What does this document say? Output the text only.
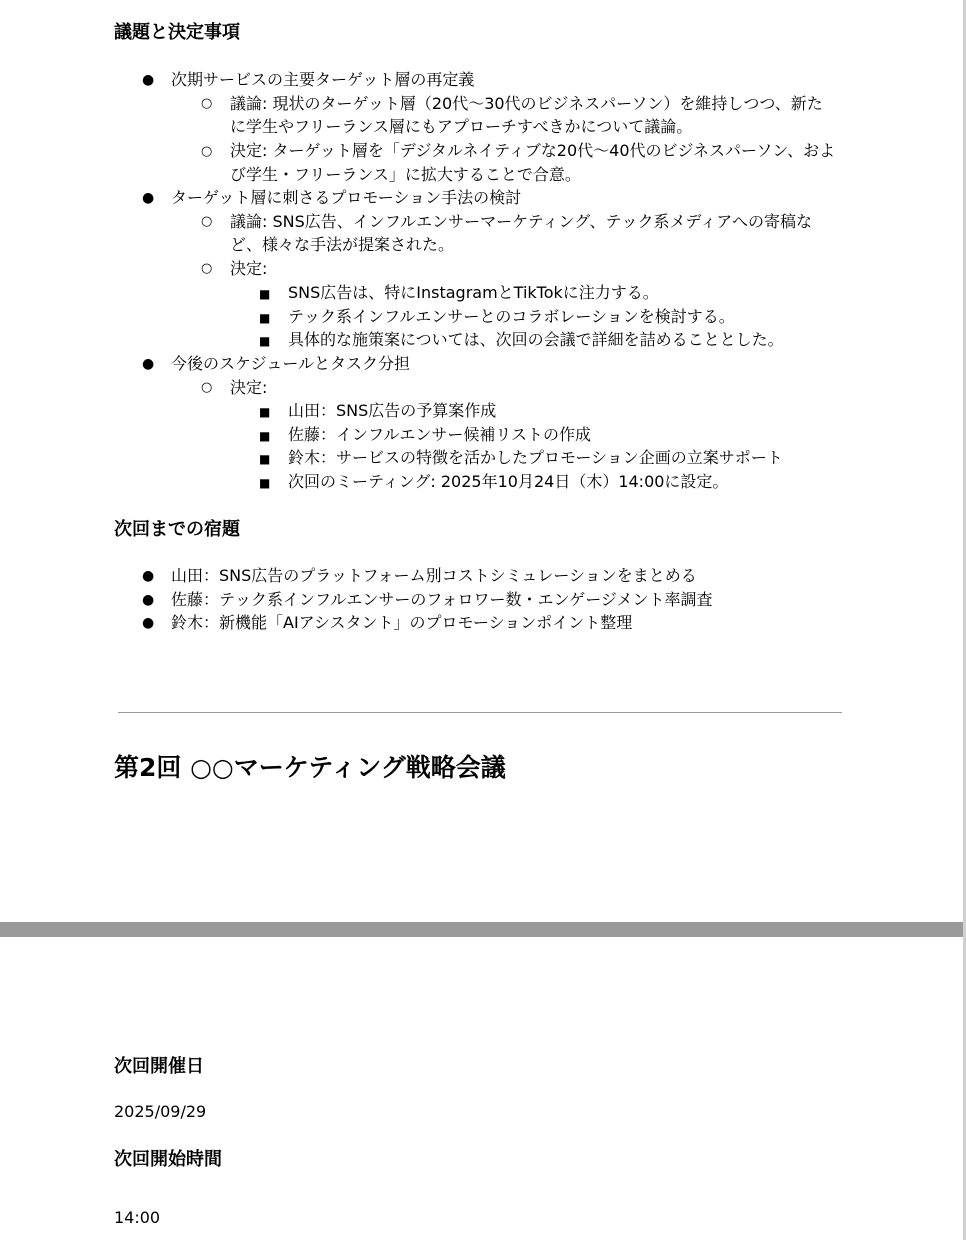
議題と決定事項
● 次期サービスの主要ターゲット層の再定義
○ 議論: 現状のターゲット層（20代〜30代のビジネスパーソン）を維持しつつ、新た
に学生やフリーランス層にもアプローチすべきかについて議論。
○ 決定: ターゲット層を「デジタルネイティブな20代〜40代のビジネスパーソン、およ
び学生・フリーランス」に拡大することで合意。
● ターゲット層に刺さるプロモーション手法の検討
○ 議論: SNS広告、インフルエンサーマーケティング、テック系メディアへの寄稿な
ど、様々な手法が提案された。
○ 決定:
■ SNS広告は、特にInstagramとTikTokに注力する。
■ テック系インフルエンサーとのコラボレーションを検討する。
■ 具体的な施策案については、次回の会議で詳細を詰めることとした。
● 今後のスケジュールとタスク分担
○ 決定:
■ 山田：SNS広告の予算案作成
■ 佐藤：インフルエンサー候補リストの作成
■ 鈴木：サービスの特徴を活かしたプロモーション企画の立案サポート
■ 次回のミーティング: 2025年10月24日（木）14:00に設定。
次回までの宿題
● 山田：SNS広告のプラットフォーム別コストシミュレーションをまとめる
● 佐藤：テック系インフルエンサーのフォロワー数・エンゲージメント率調査
● 鈴木：新機能「AIアシスタント」のプロモーションポイント整理
第2回 ○○マーケティング戦略会議
次回開催日

2025/09/29

次回開始時間

14:00
